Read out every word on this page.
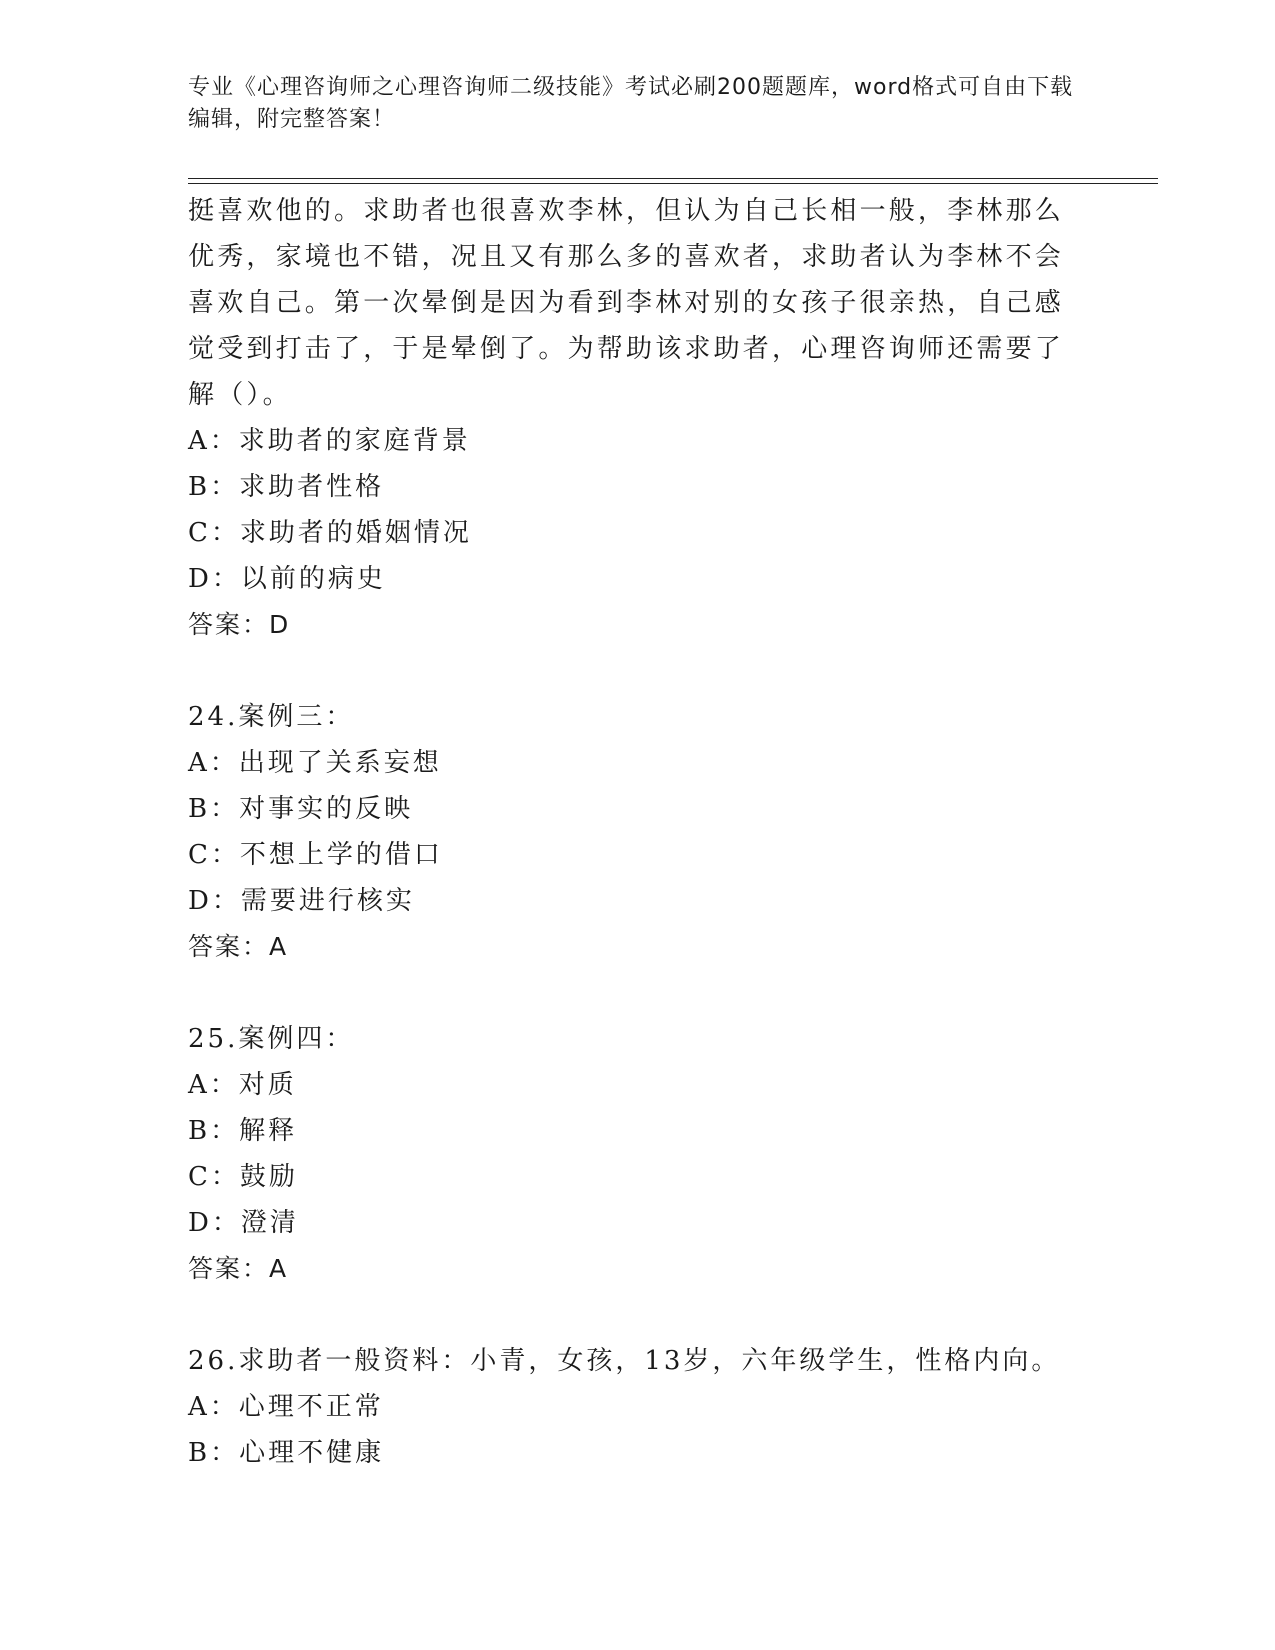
专业《心理咨询师之心理咨询师二级技能》考试必刷200题题库，word格式可自由下载编辑，附完整答案！

挺喜欢他的。求助者也很喜欢李林，但认为自己长相一般，李林那么

优秀，家境也不错，况且又有那么多的喜欢者，求助者认为李林不会

喜欢自己。第一次晕倒是因为看到李林对别的女孩子很亲热，自己感

觉受到打击了，于是晕倒了。为帮助该求助者，心理咨询师还需要了

解（）。

A：求助者的家庭背景

B：求助者性格

C：求助者的婚姻情况

D：以前的病史

答案：D

24.案例三：

A：出现了关系妄想

B：对事实的反映

C：不想上学的借口

D：需要进行核实

答案：A

25.案例四：

A：对质

B：解释

C：鼓励

D：澄清

答案：A

26.求助者一般资料：小青，女孩，13岁，六年级学生，性格内向。

A：心理不正常

B：心理不健康
